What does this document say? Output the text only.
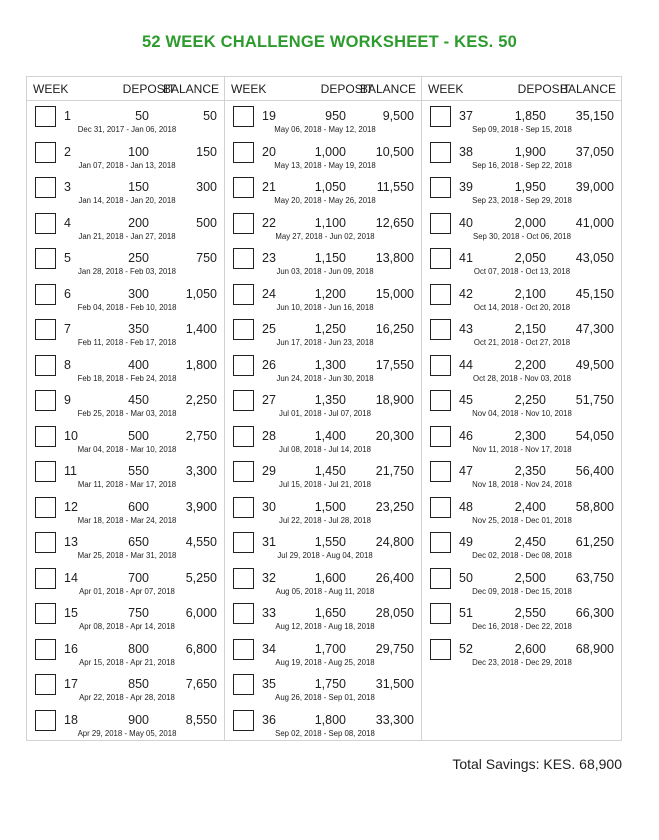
52 WEEK CHALLENGE WORKSHEET - KES. 50
WEEK	DEPOSIT
BALANCE
1	50	50
Dec 31, 2017 - Jan 06, 2018
2	100	150
Jan 07, 2018 - Jan 13, 2018
3	150	300
Jan 14, 2018 - Jan 20, 2018
4	200	500
Jan 21, 2018 - Jan 27, 2018
5	250	750
Jan 28, 2018 - Feb 03, 2018
6	300	1,050
Feb 04, 2018 - Feb 10, 2018
7	350	1,400
Feb 11, 2018 - Feb 17, 2018
8	400	1,800
Feb 18, 2018 - Feb 24, 2018
9	450	2,250
Feb 25, 2018 - Mar 03, 2018
10	500	2,750
Mar 04, 2018 - Mar 10, 2018
11	550	3,300
Mar 11, 2018 - Mar 17, 2018
12	600	3,900
Mar 18, 2018 - Mar 24, 2018
13	650	4,550
Mar 25, 2018 - Mar 31, 2018
14	700	5,250
Apr 01, 2018 - Apr 07, 2018
15	750	6,000
Apr 08, 2018 - Apr 14, 2018
16	800	6,800
Apr 15, 2018 - Apr 21, 2018
17	850	7,650
Apr 22, 2018 - Apr 28, 2018
18	900	8,550
Apr 29, 2018 - May 05, 2018
WEEK	DEPOSIT
BALANCE
19	950	9,500
May 06, 2018 - May 12, 2018
20	1,000 10,500
May 13, 2018 - May 19, 2018
21	1,050 11,550
May 20, 2018 - May 26, 2018
22	1,100 12,650
May 27, 2018 - Jun 02, 2018
23	1,150 13,800
Jun 03, 2018 - Jun 09, 2018
24	1,200 15,000
Jun 10, 2018 - Jun 16, 2018
25	1,250 16,250
Jun 17, 2018 - Jun 23, 2018
26	1,300 17,550
Jun 24, 2018 - Jun 30, 2018
27	1,350 18,900
Jul 01, 2018 - Jul 07, 2018
28	1,400 20,300
Jul 08, 2018 - Jul 14, 2018
29	1,450 21,750
Jul 15, 2018 - Jul 21, 2018
30	1,500 23,250
Jul 22, 2018 - Jul 28, 2018
31	1,550 24,800
Jul 29, 2018 - Aug 04, 2018
32	1,600 26,400
Aug 05, 2018 - Aug 11, 2018
33	1,650 28,050
Aug 12, 2018 - Aug 18, 2018
34	1,700 29,750
Aug 19, 2018 - Aug 25, 2018
35	1,750 31,500
Aug 26, 2018 - Sep 01, 2018
36	1,800 33,300
Sep 02, 2018 - Sep 08, 2018
WEEK	DEPOSIT
BALANCE
37	1,850 35,150
Sep 09, 2018 - Sep 15, 2018
38	1,900 37,050
Sep 16, 2018 - Sep 22, 2018
39	1,950 39,000
Sep 23, 2018 - Sep 29, 2018
40	2,000 41,000
Sep 30, 2018 - Oct 06, 2018
41	2,050 43,050
Oct 07, 2018 - Oct 13, 2018
42	2,100 45,150
Oct 14, 2018 - Oct 20, 2018
43	2,150 47,300
Oct 21, 2018 - Oct 27, 2018
44	2,200 49,500
Oct 28, 2018 - Nov 03, 2018
45	2,250 51,750
Nov 04, 2018 - Nov 10, 2018
46	2,300 54,050
Nov 11, 2018 - Nov 17, 2018
47	2,350 56,400
Nov 18, 2018 - Nov 24, 2018
48	2,400 58,800
Nov 25, 2018 - Dec 01, 2018
49	2,450 61,250
Dec 02, 2018 - Dec 08, 2018
50	2,500 63,750
Dec 09, 2018 - Dec 15, 2018
51	2,550 66,300
Dec 16, 2018 - Dec 22, 2018
52	2,600 68,900
Dec 23, 2018 - Dec 29, 2018
Total Savings: KES. 68,900
